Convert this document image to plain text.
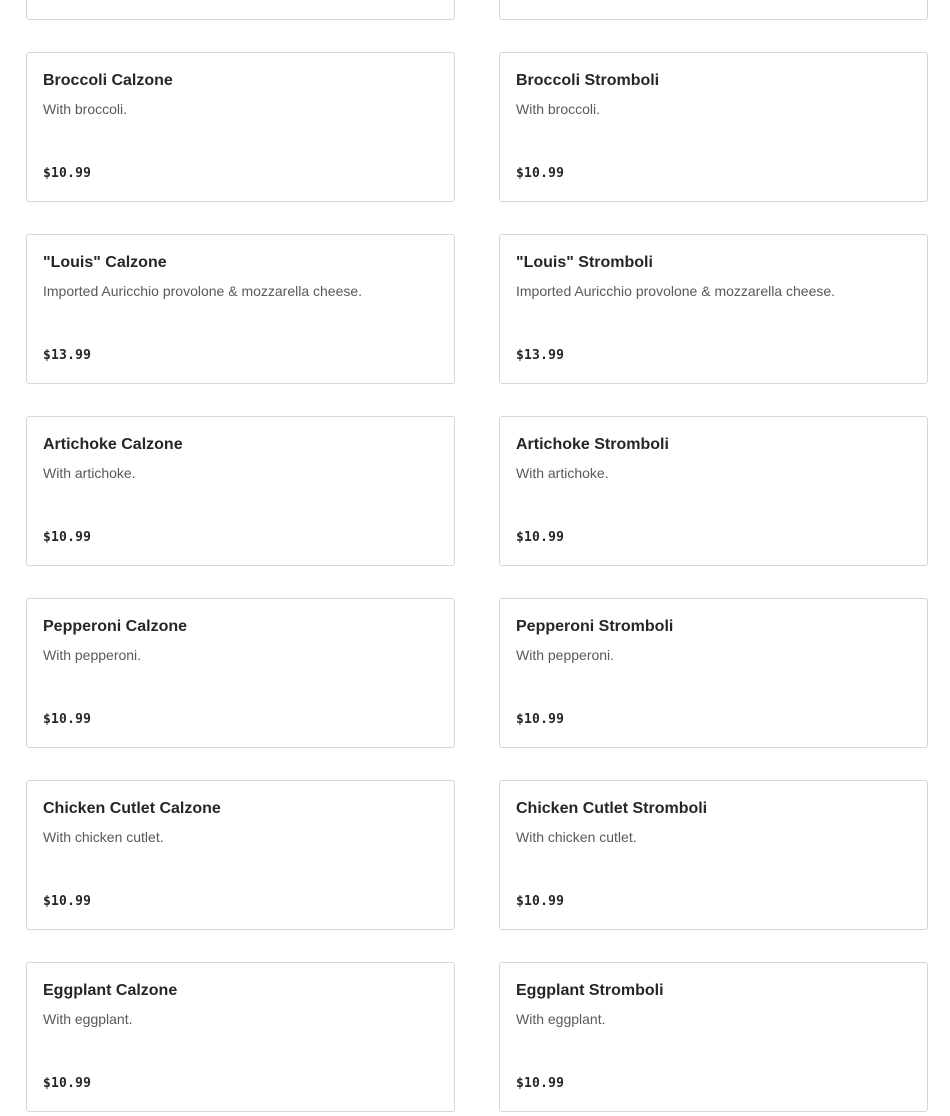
Broccoli Calzone
With broccoli.
$10.99
Broccoli Stromboli
With broccoli.
$10.99
"Louis" Calzone
Imported Auricchio provolone & mozzarella cheese.
$13.99
"Louis" Stromboli
Imported Auricchio provolone & mozzarella cheese.
$13.99
Artichoke Calzone
With artichoke.
$10.99
Artichoke Stromboli
With artichoke.
$10.99
Pepperoni Calzone
With pepperoni.
$10.99
Pepperoni Stromboli
With pepperoni.
$10.99
Chicken Cutlet Calzone
With chicken cutlet.
$10.99
Chicken Cutlet Stromboli
With chicken cutlet.
$10.99
Eggplant Calzone
With eggplant.
$10.99
Eggplant Stromboli
With eggplant.
$10.99
